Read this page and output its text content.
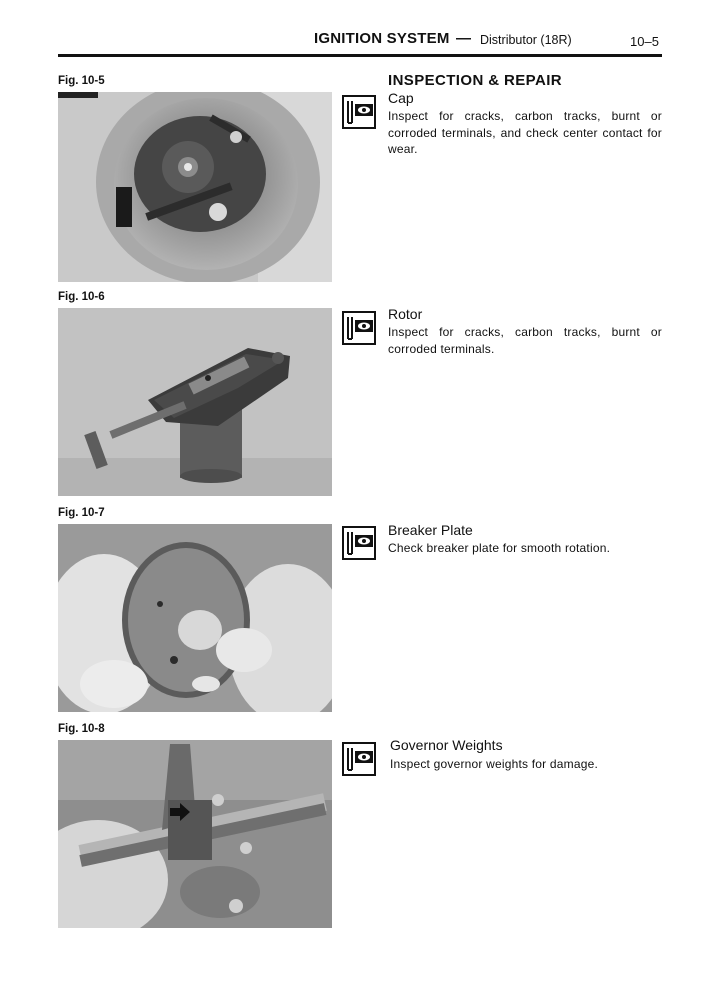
IGNITION SYSTEM — Distributor (18R)	10–5
Fig. 10-5
Fig. 10-6
Fig. 10-7
Fig. 10-8
INSPECTION & REPAIR
Cap
Inspect for cracks, carbon tracks, burnt or corroded terminals, and check center contact for wear.
Rotor
Inspect for cracks, carbon tracks, burnt or corroded terminals.
Breaker Plate
Check breaker plate for smooth rotation.
Governor Weights
Inspect governor weights for damage.
